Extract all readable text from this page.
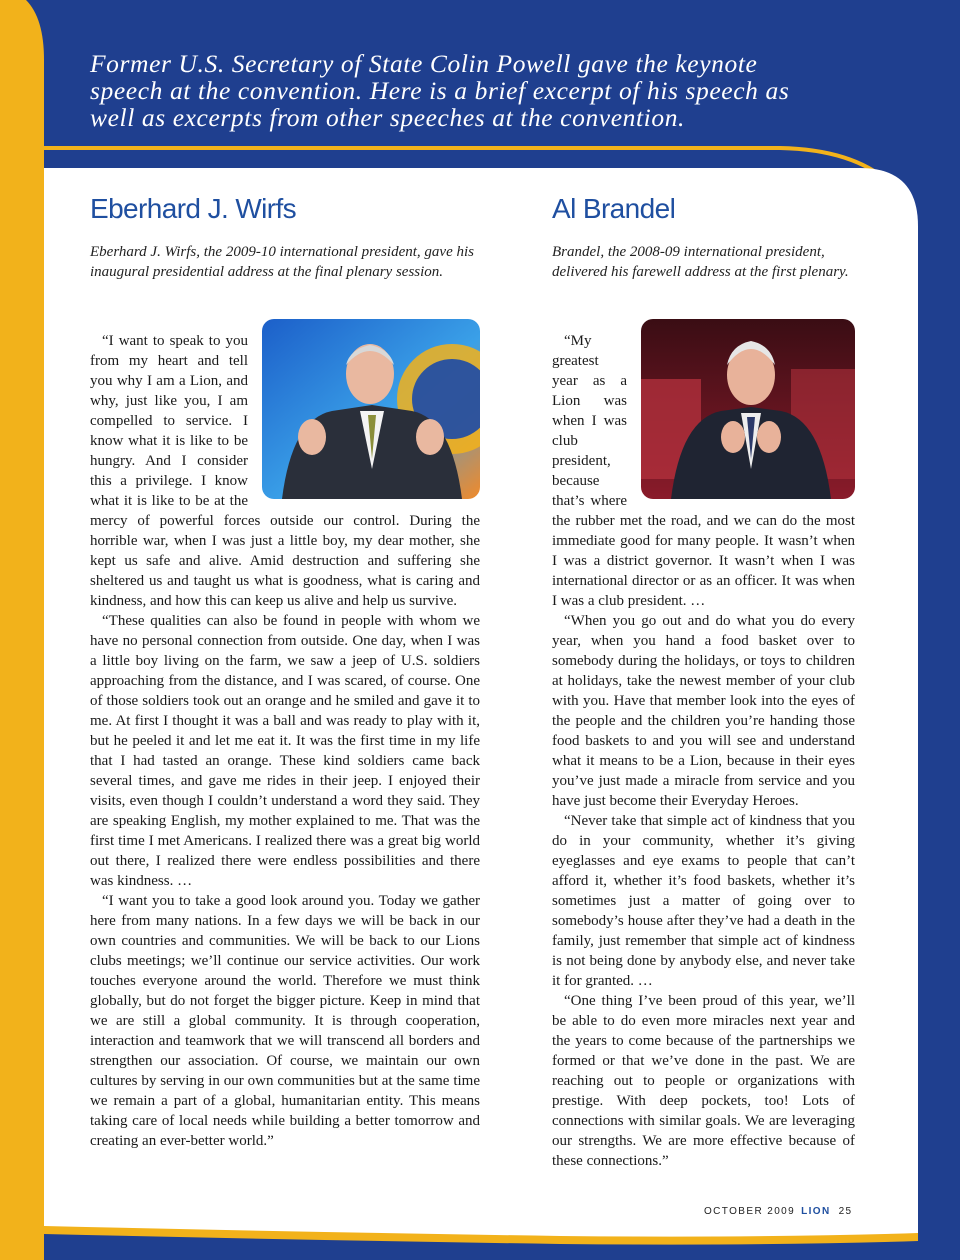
Former U.S. Secretary of State Colin Powell gave the keynote speech at the convention. Here is a brief excerpt of his speech as well as excerpts from other speeches at the convention.

Eberhard J. Wirfs

Eberhard J. Wirfs, the 2009-10 international president, gave his inaugural presidential address at the final plenary session.

“I want to speak to you from my heart and tell you why I am a Lion, and why, just like you, I am compelled to service. I know what it is like to be hungry. And I consider this a privilege. I know what it is like to be at the mercy of powerful forces outside our control. During the horrible war, when I was just a little boy, my dear mother, she kept us safe and alive. Amid destruction and suffering she sheltered us and taught us what is goodness, what is caring and kindness, and how this can keep us alive and help us survive.

“These qualities can also be found in people with whom we have no personal connection from outside. One day, when I was a little boy living on the farm, we saw a jeep of U.S. soldiers approaching from the distance, and I was scared, of course. One of those soldiers took out an orange and he smiled and gave it to me. At first I thought it was a ball and was ready to play with it, but he peeled it and let me eat it. It was the first time in my life that I had tasted an orange. These kind soldiers came back several times, and gave me rides in their jeep. I enjoyed their visits, even though I couldn’t understand a word they said. They are speaking English, my mother explained to me. That was the first time I met Americans. I realized there was a great big world out there, I realized there were endless possibilities and there was kindness. …

“I want you to take a good look around you. Today we gather here from many nations. In a few days we will be back in our own countries and communities. We will be back to our Lions clubs meetings; we’ll continue our service activities. Our work touches everyone around the world. Therefore we must think globally, but do not forget the bigger picture. Keep in mind that we are still a global community. It is through cooperation, interaction and teamwork that we will transcend all borders and strengthen our association. Of course, we maintain our own cultures by serving in our own communities but at the same time we remain a part of a global, humanitarian entity. This means taking care of local needs while building a better tomorrow and creating an ever-better world.”

Al Brandel

Brandel, the 2008-09 international president, delivered his farewell address at the first plenary.

“My greatest year as a Lion was when I was club president, because that’s where the rubber met the road, and we can do the most immediate good for many people. It wasn’t when I was a district governor. It wasn’t when I was international director or as an officer. It was when I was a club president. …

“When you go out and do what you do every year, when you hand a food basket over to somebody during the holidays, or toys to children at holidays, take the newest member of your club with you. Have that member look into the eyes of the people and the children you’re handing those food baskets to and you will see and understand what it means to be a Lion, because in their eyes you’ve just made a miracle from service and you have just become their Everyday Heroes.

“Never take that simple act of kindness that you do in your community, whether it’s giving eyeglasses and eye exams to people that can’t afford it, whether it’s food baskets, whether it’s sometimes just a matter of going over to somebody’s house after they’ve had a death in the family, just remember that simple act of kindness is not being done by anybody else, and never take it for granted. …

“One thing I’ve been proud of this year, we’ll be able to do even more miracles next year and the years to come because of the partnerships we formed or that we’ve done in the past. We are reaching out to people or organizations with prestige. With deep pockets, too! Lots of connections with similar goals. We are leveraging our strengths. We are more effective because of these connections.”

OCTOBER 2009 LION 25
